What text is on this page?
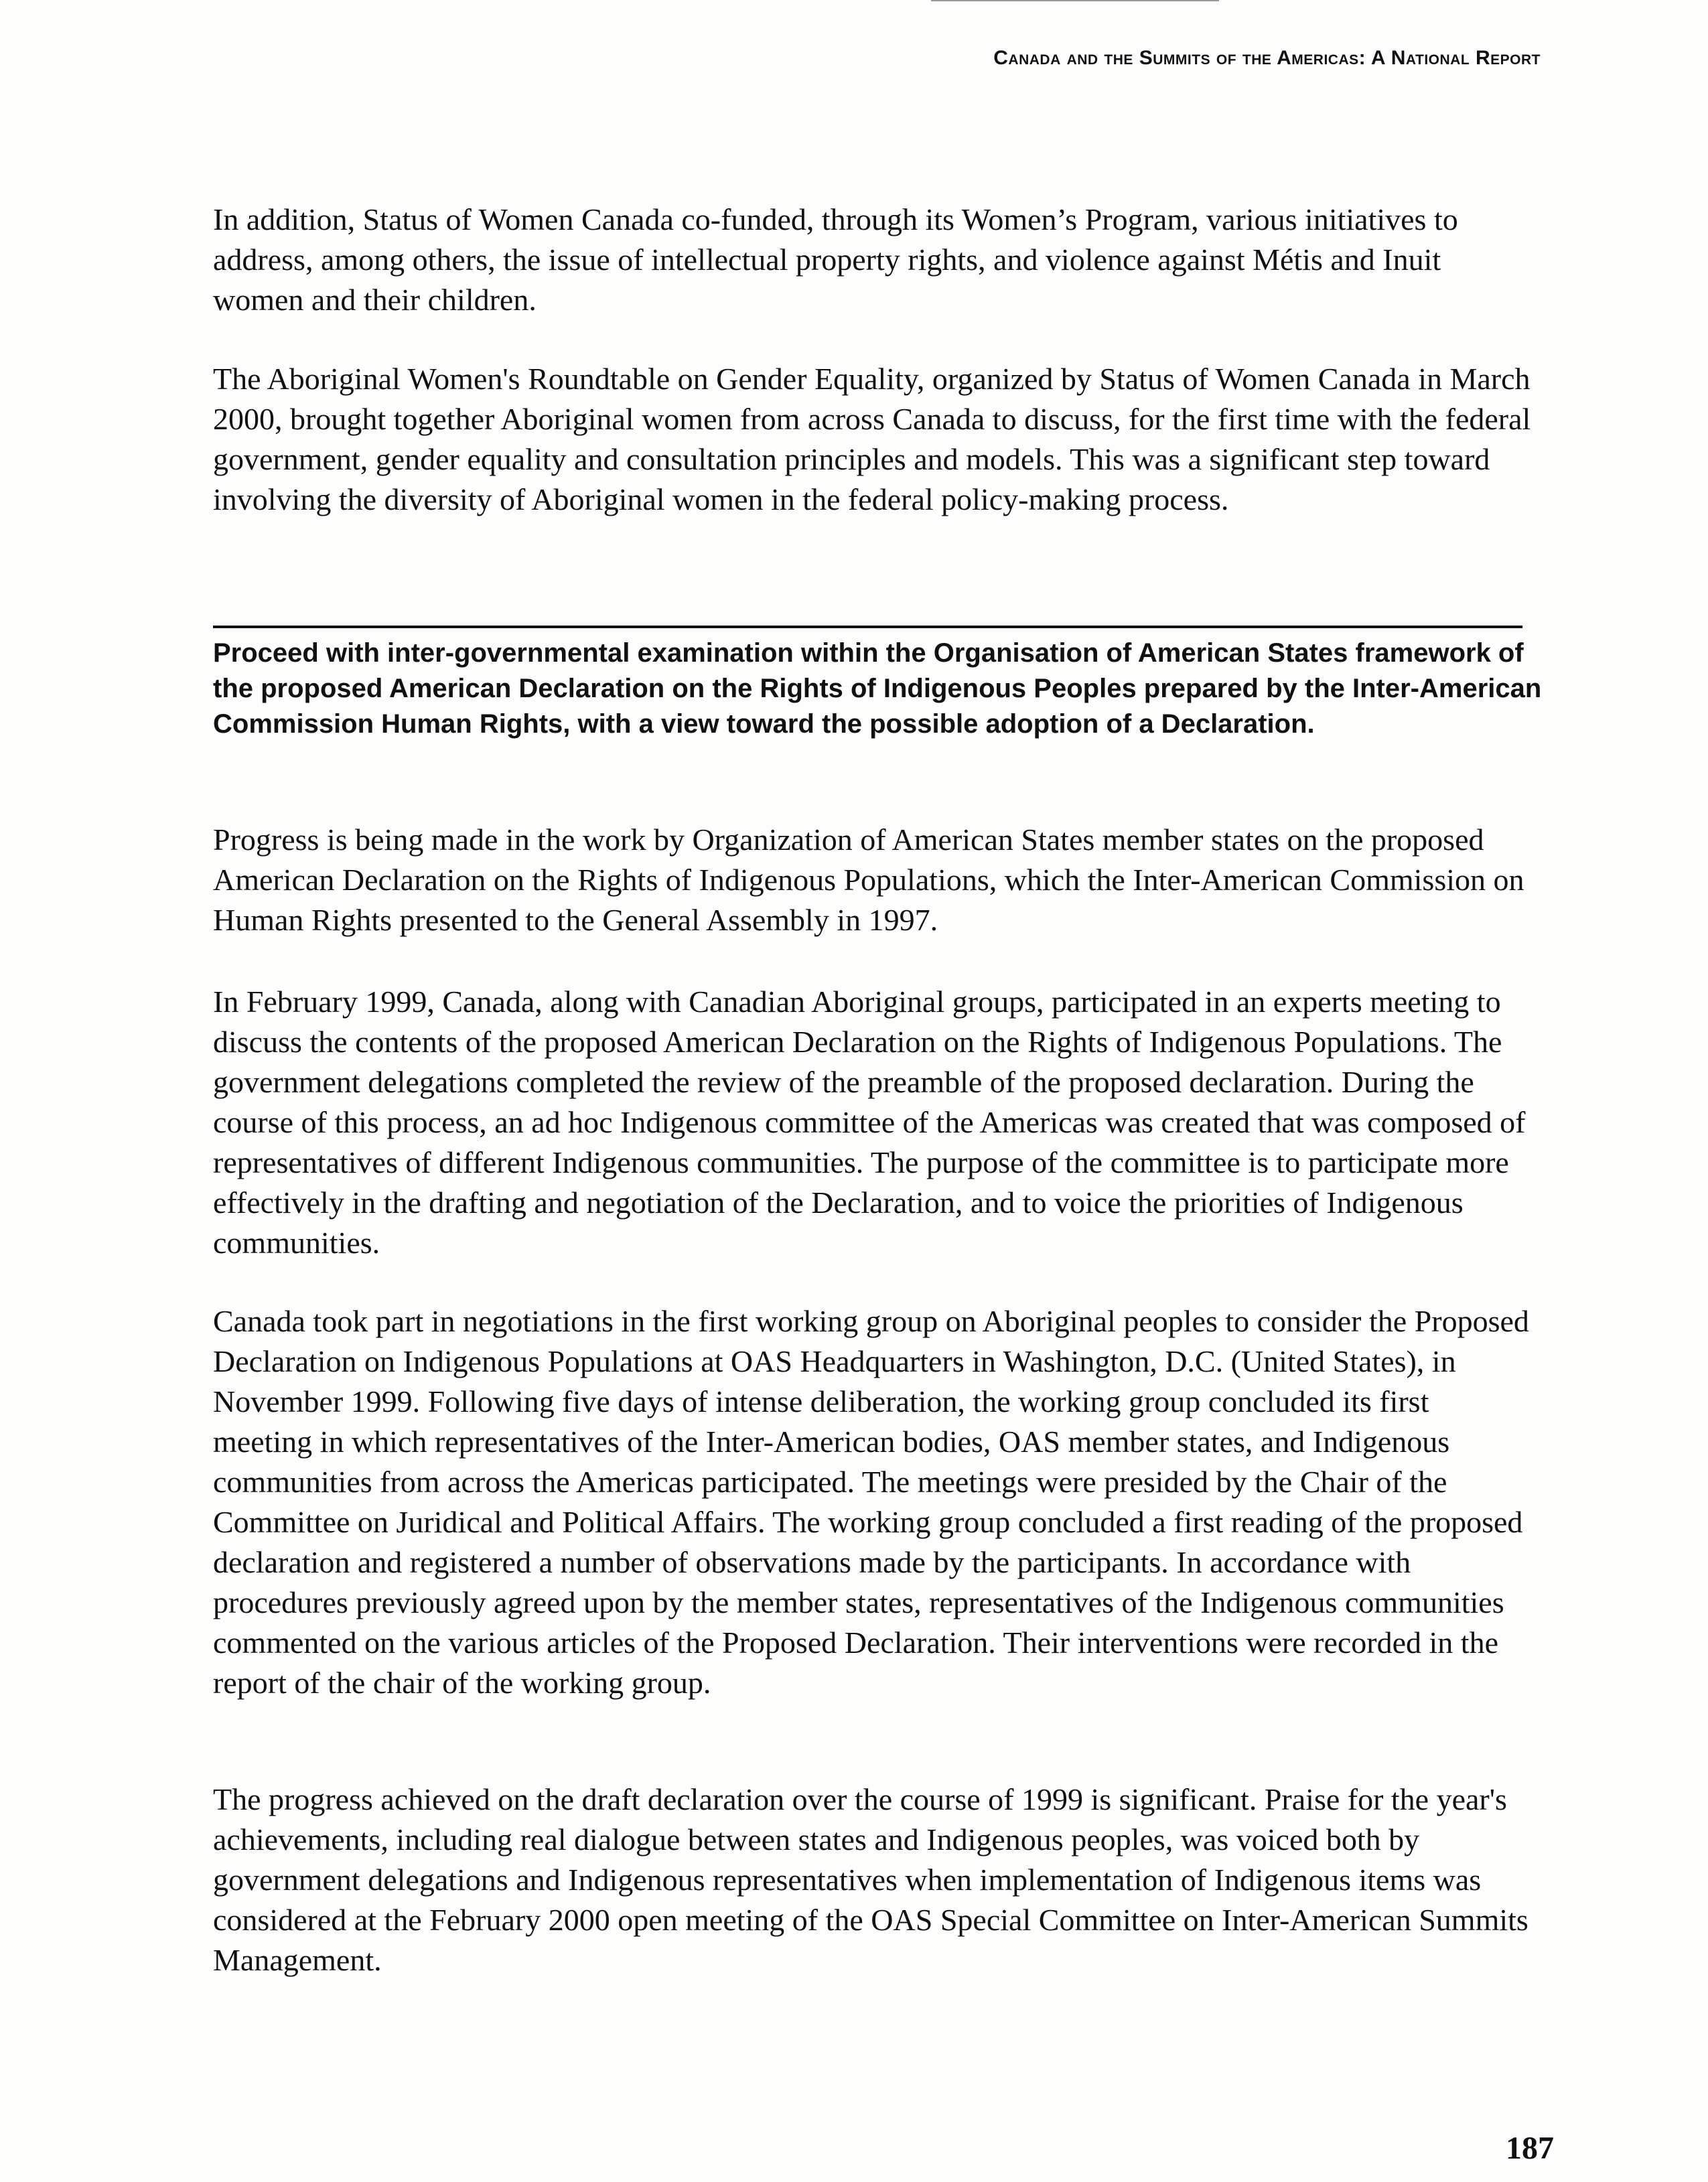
Canada and the Summits of the Americas: A National Report

In addition, Status of Women Canada co-funded, through its Women’s Program, various initiatives to address, among others, the issue of intellectual property rights, and violence against Métis and Inuit women and their children.

The Aboriginal Women's Roundtable on Gender Equality, organized by Status of Women Canada in March 2000, brought together Aboriginal women from across Canada to discuss, for the first time with the federal government, gender equality and consultation principles and models. This was a significant step toward involving the diversity of Aboriginal women in the federal policy-making process.

Proceed with inter-governmental examination within the Organisation of American States framework of the proposed American Declaration on the Rights of Indigenous Peoples prepared by the Inter-American Commission Human Rights, with a view toward the possible adoption of a Declaration.

Progress is being made in the work by Organization of American States member states on the proposed American Declaration on the Rights of Indigenous Populations, which the Inter-American Commission on Human Rights presented to the General Assembly in 1997.

In February 1999, Canada, along with Canadian Aboriginal groups, participated in an experts meeting to discuss the contents of the proposed American Declaration on the Rights of Indigenous Populations. The government delegations completed the review of the preamble of the proposed declaration. During the course of this process, an ad hoc Indigenous committee of the Americas was created that was composed of representatives of different Indigenous communities. The purpose of the committee is to participate more effectively in the drafting and negotiation of the Declaration, and to voice the priorities of Indigenous communities.

Canada took part in negotiations in the first working group on Aboriginal peoples to consider the Proposed Declaration on Indigenous Populations at OAS Headquarters in Washington, D.C. (United States), in November 1999. Following five days of intense deliberation, the working group concluded its first meeting in which representatives of the Inter-American bodies, OAS member states, and Indigenous communities from across the Americas participated. The meetings were presided by the Chair of the Committee on Juridical and Political Affairs. The working group concluded a first reading of the proposed declaration and registered a number of observations made by the participants. In accordance with procedures previously agreed upon by the member states, representatives of the Indigenous communities commented on the various articles of the Proposed Declaration. Their interventions were recorded in the report of the chair of the working group.

The progress achieved on the draft declaration over the course of 1999 is significant. Praise for the year's achievements, including real dialogue between states and Indigenous peoples, was voiced both by government delegations and Indigenous representatives when implementation of Indigenous items was considered at the February 2000 open meeting of the OAS Special Committee on Inter-American Summits Management.

187
